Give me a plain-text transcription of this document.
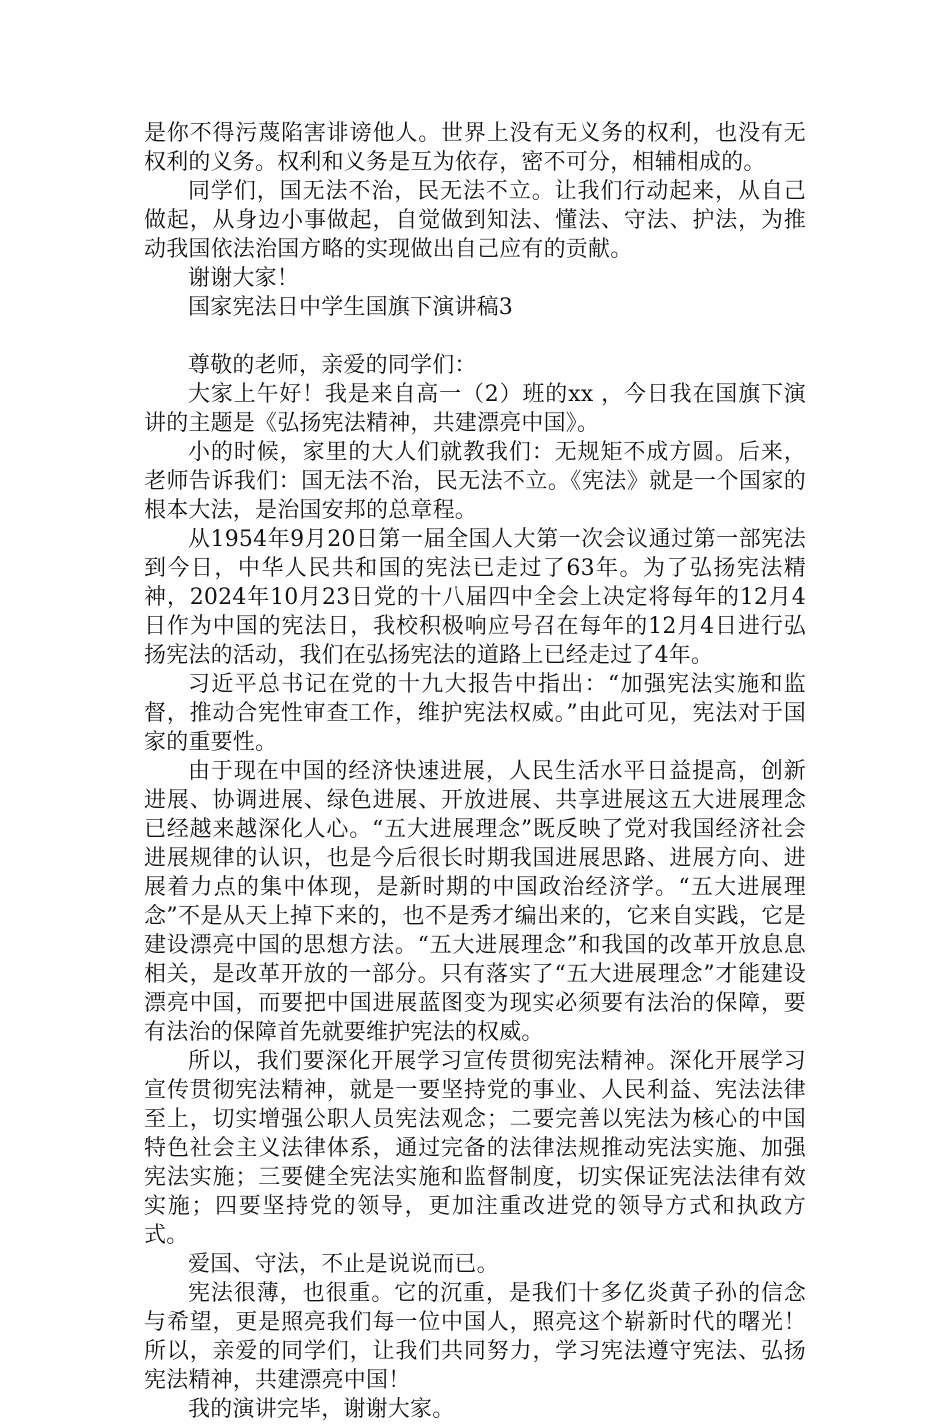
是你不得污蔑陷害诽谤他人。世界上没有无义务的权利，也没有无权利的义务。权利和义务是互为依存，密不可分，相辅相成的。

同学们，国无法不治，民无法不立。让我们行动起来，从自己做起，从身边小事做起，自觉做到知法、懂法、守法、护法，为推动我国依法治国方略的实现做出自己应有的贡献。

谢谢大家！

国家宪法日中学生国旗下演讲稿3

尊敬的老师，亲爱的同学们：

大家上午好！我是来自高一（2）班的xx ，今日我在国旗下演讲的主题是《弘扬宪法精神，共建漂亮中国》。

小的时候，家里的大人们就教我们：无规矩不成方圆。后来，老师告诉我们：国无法不治，民无法不立。《宪法》就是一个国家的根本大法，是治国安邦的总章程。

从1954年9月20日第一届全国人大第一次会议通过第一部宪法到今日，中华人民共和国的宪法已走过了63年。为了弘扬宪法精神，2024年10月23日党的十八届四中全会上决定将每年的12月4日作为中国的宪法日，我校积极响应号召在每年的12月4日进行弘扬宪法的活动，我们在弘扬宪法的道路上已经走过了4年。

习近平总书记在党的十九大报告中指出：“加强宪法实施和监督，推动合宪性审查工作，维护宪法权威。”由此可见，宪法对于国家的重要性。

由于现在中国的经济快速进展，人民生活水平日益提高，创新进展、协调进展、绿色进展、开放进展、共享进展这五大进展理念已经越来越深化人心。“五大进展理念”既反映了党对我国经济社会进展规律的认识，也是今后很长时期我国进展思路、进展方向、进展着力点的集中体现，是新时期的中国政治经济学。“五大进展理念”不是从天上掉下来的，也不是秀才编出来的，它来自实践，它是建设漂亮中国的思想方法。“五大进展理念”和我国的改革开放息息相关，是改革开放的一部分。只有落实了“五大进展理念”才能建设漂亮中国，而要把中国进展蓝图变为现实必须要有法治的保障，要有法治的保障首先就要维护宪法的权威。

所以，我们要深化开展学习宣传贯彻宪法精神。深化开展学习宣传贯彻宪法精神，就是一要坚持党的事业、人民利益、宪法法律至上，切实增强公职人员宪法观念；二要完善以宪法为核心的中国特色社会主义法律体系，通过完备的法律法规推动宪法实施、加强宪法实施；三要健全宪法实施和监督制度，切实保证宪法法律有效实施；四要坚持党的领导，更加注重改进党的领导方式和执政方式。

爱国、守法，不止是说说而已。

宪法很薄，也很重。它的沉重，是我们十多亿炎黄子孙的信念与希望，更是照亮我们每一位中国人，照亮这个崭新时代的曙光！所以，亲爱的同学们，让我们共同努力，学习宪法遵守宪法、弘扬宪法精神，共建漂亮中国！

我的演讲完毕，谢谢大家。
